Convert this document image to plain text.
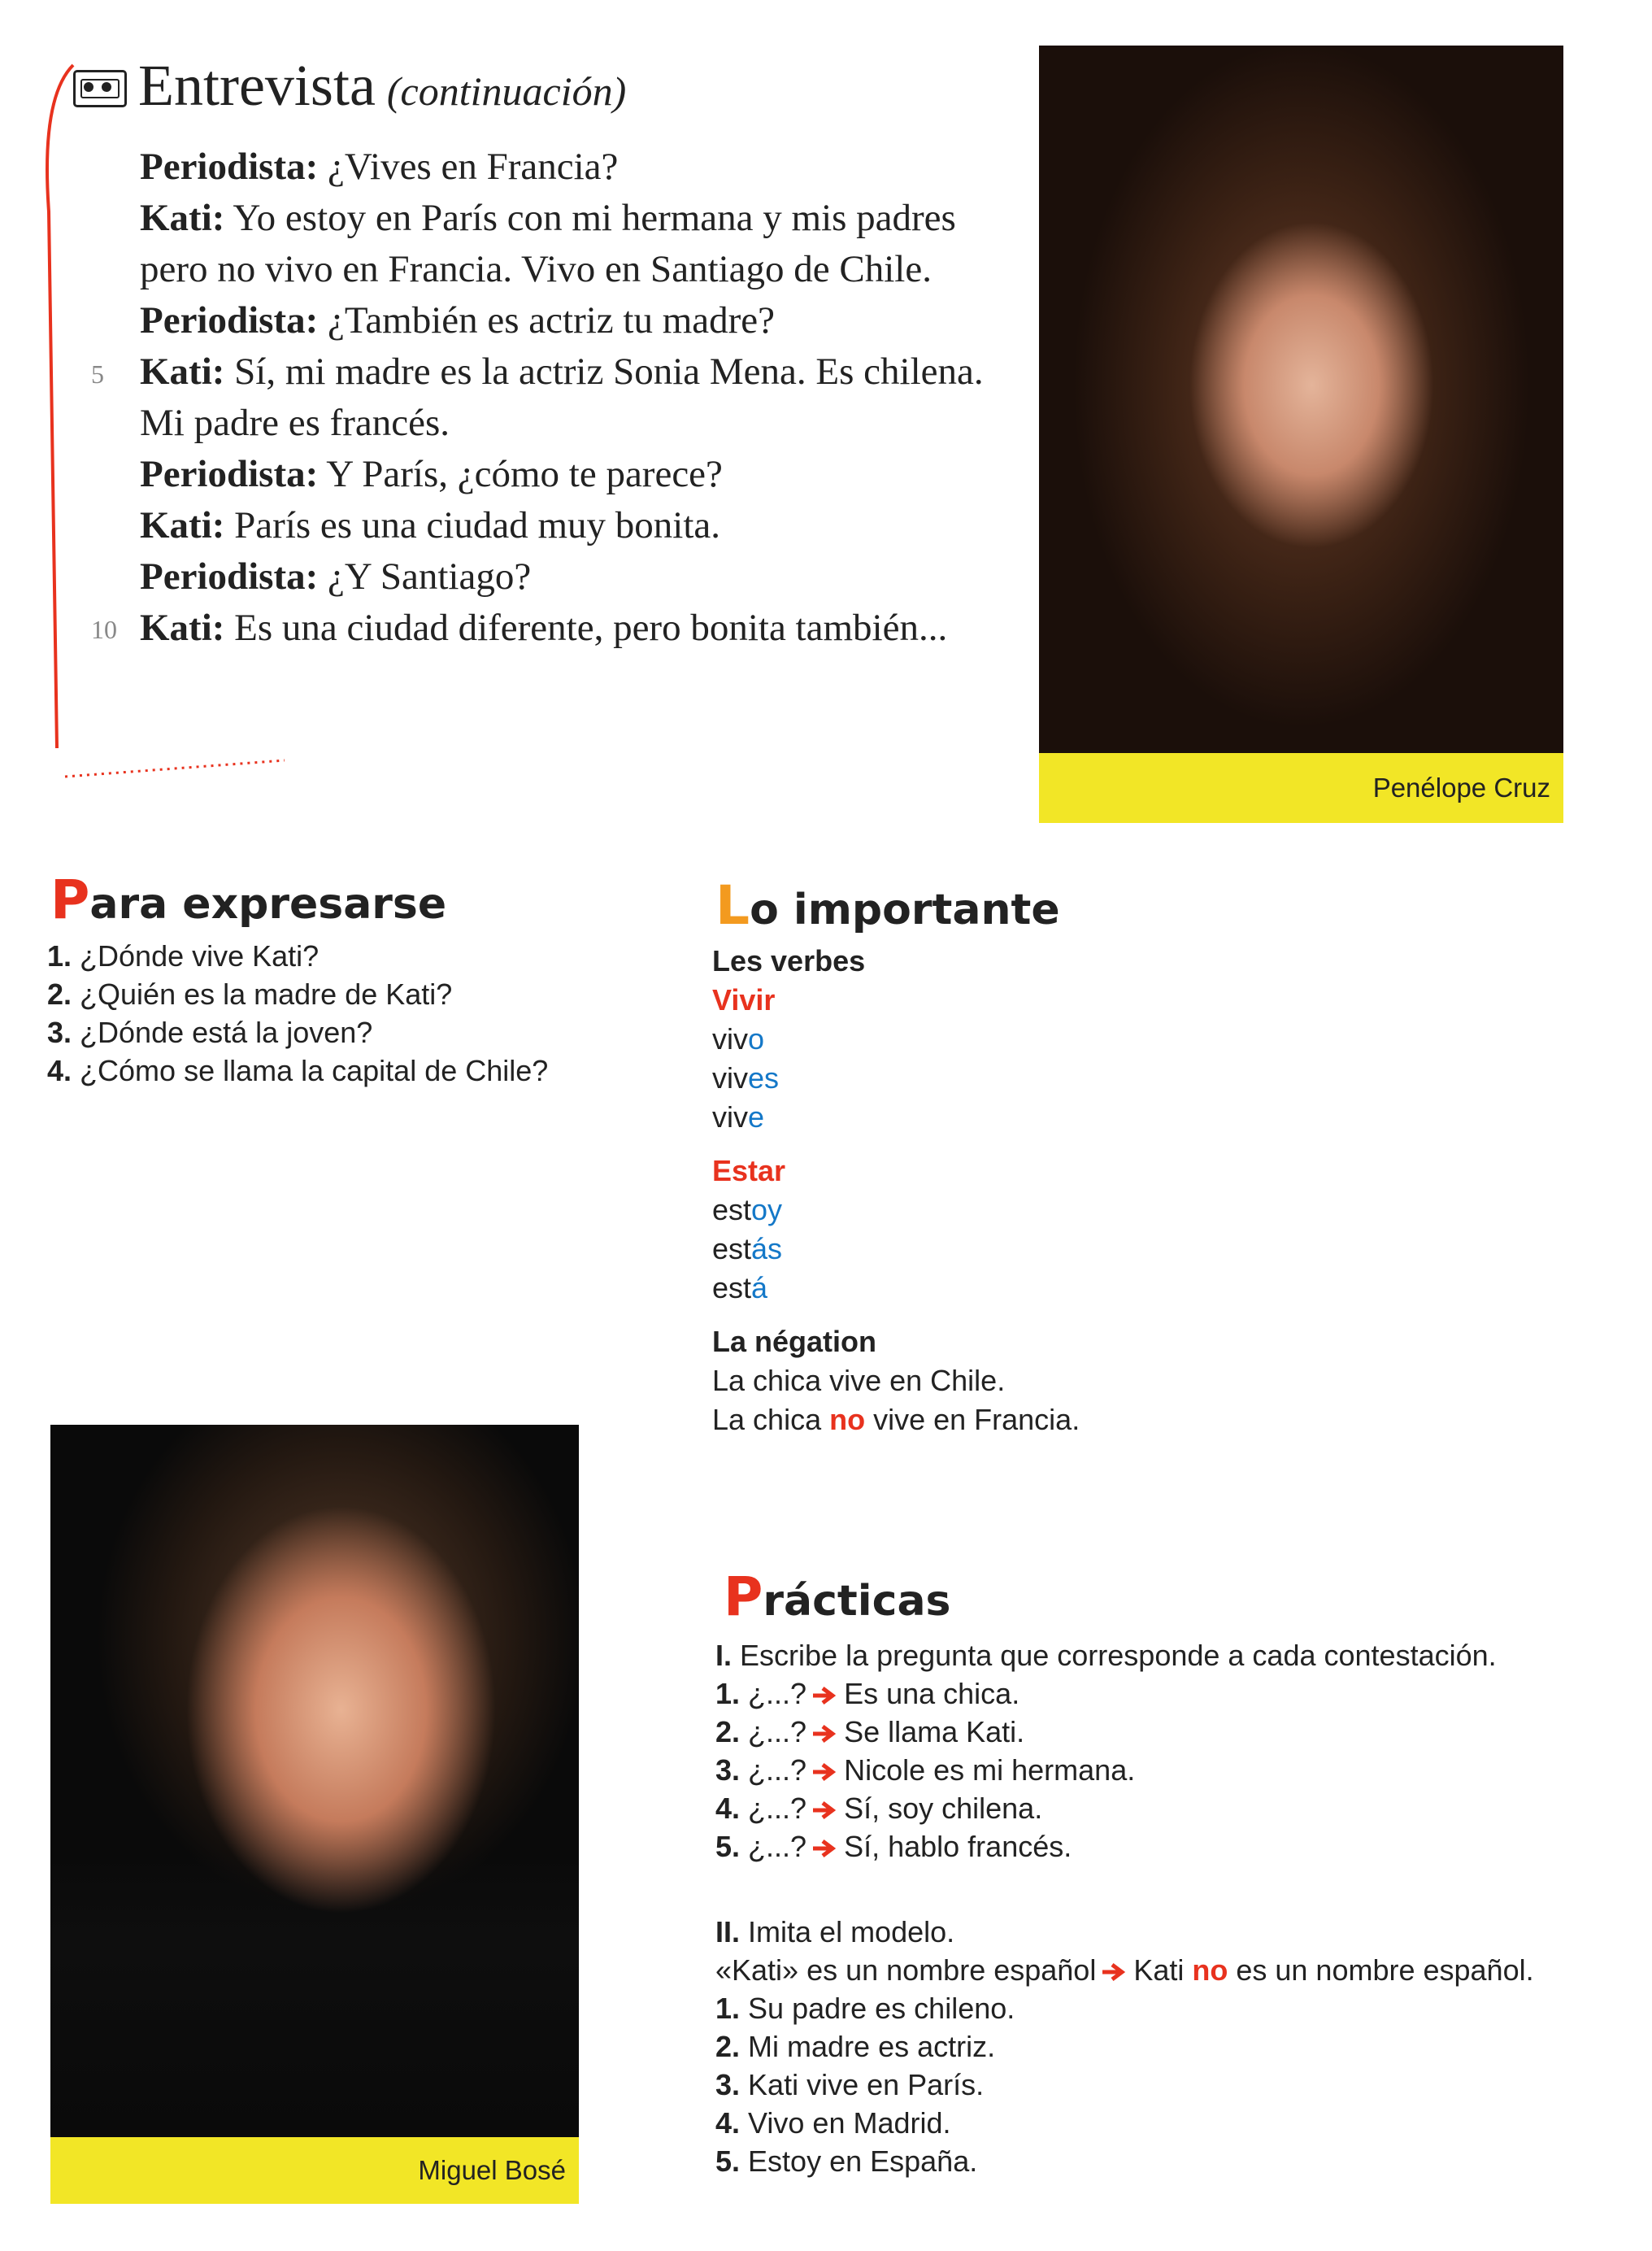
Entrevista (continuación)
5
10

Periodista: ¿Vives en Francia?

Kati: Yo estoy en París con mi hermana y mis padres pero no vivo en Francia. Vivo en Santiago de Chile.

Periodista: ¿También es actriz tu madre?

Kati: Sí, mi madre es la actriz Sonia Mena. Es chilena. Mi padre es francés.

Periodista: Y París, ¿cómo te parece?

Kati: París es una ciudad muy bonita.

Periodista: ¿Y Santiago?

Kati: Es una ciudad diferente, pero bonita también...

Penélope Cruz
Para expresarse
1. ¿Dónde vive Kati?
2. ¿Quién es la madre de Kati?
3. ¿Dónde está la joven?
4. ¿Cómo se llama la capital de Chile?
Lo importante
Les verbes
Vivir
vivo
vives
vive
Estar
estoy
estás
está
La négation
La chica vive en Chile.
La chica no vive en Francia.
Miguel Bosé
Prácticas
I. Escribe la pregunta que corresponde a cada contestación.
1. ¿...? Es una chica.
2. ¿...? Se llama Kati.
3. ¿...? Nicole es mi hermana.
4. ¿...? Sí, soy chilena.
5. ¿...? Sí, hablo francés.
II. Imita el modelo.
«Kati» es un nombre español Kati no es un nombre español.
1. Su padre es chileno.
2. Mi madre es actriz.
3. Kati vive en París.
4. Vivo en Madrid.
5. Estoy en España.
